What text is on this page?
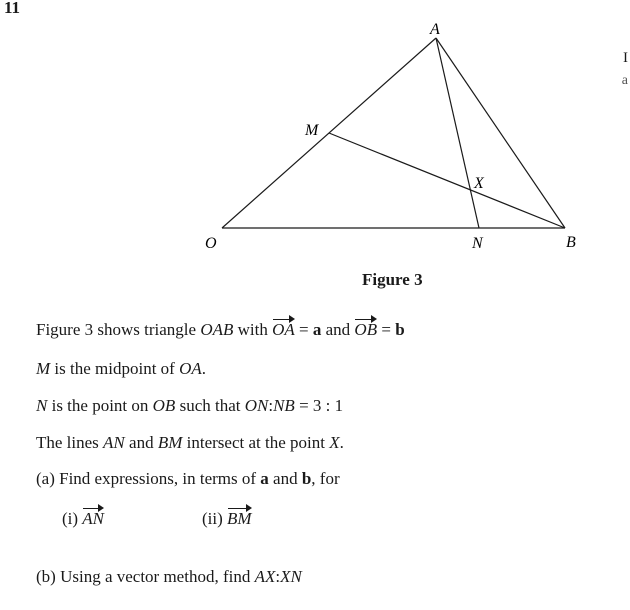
11
I
a
A
M
X
O	N	B
Figure 3
Figure 3 shows triangle OAB with OA = a and OB = b
M is the midpoint of OA.
N is the point on OB such that ON:NB = 3 : 1
The lines AN and BM intersect at the point X.
(a) Find expressions, in terms of a and b, for
(i) AN	(ii) BM
(b) Using a vector method, find AX:XN
